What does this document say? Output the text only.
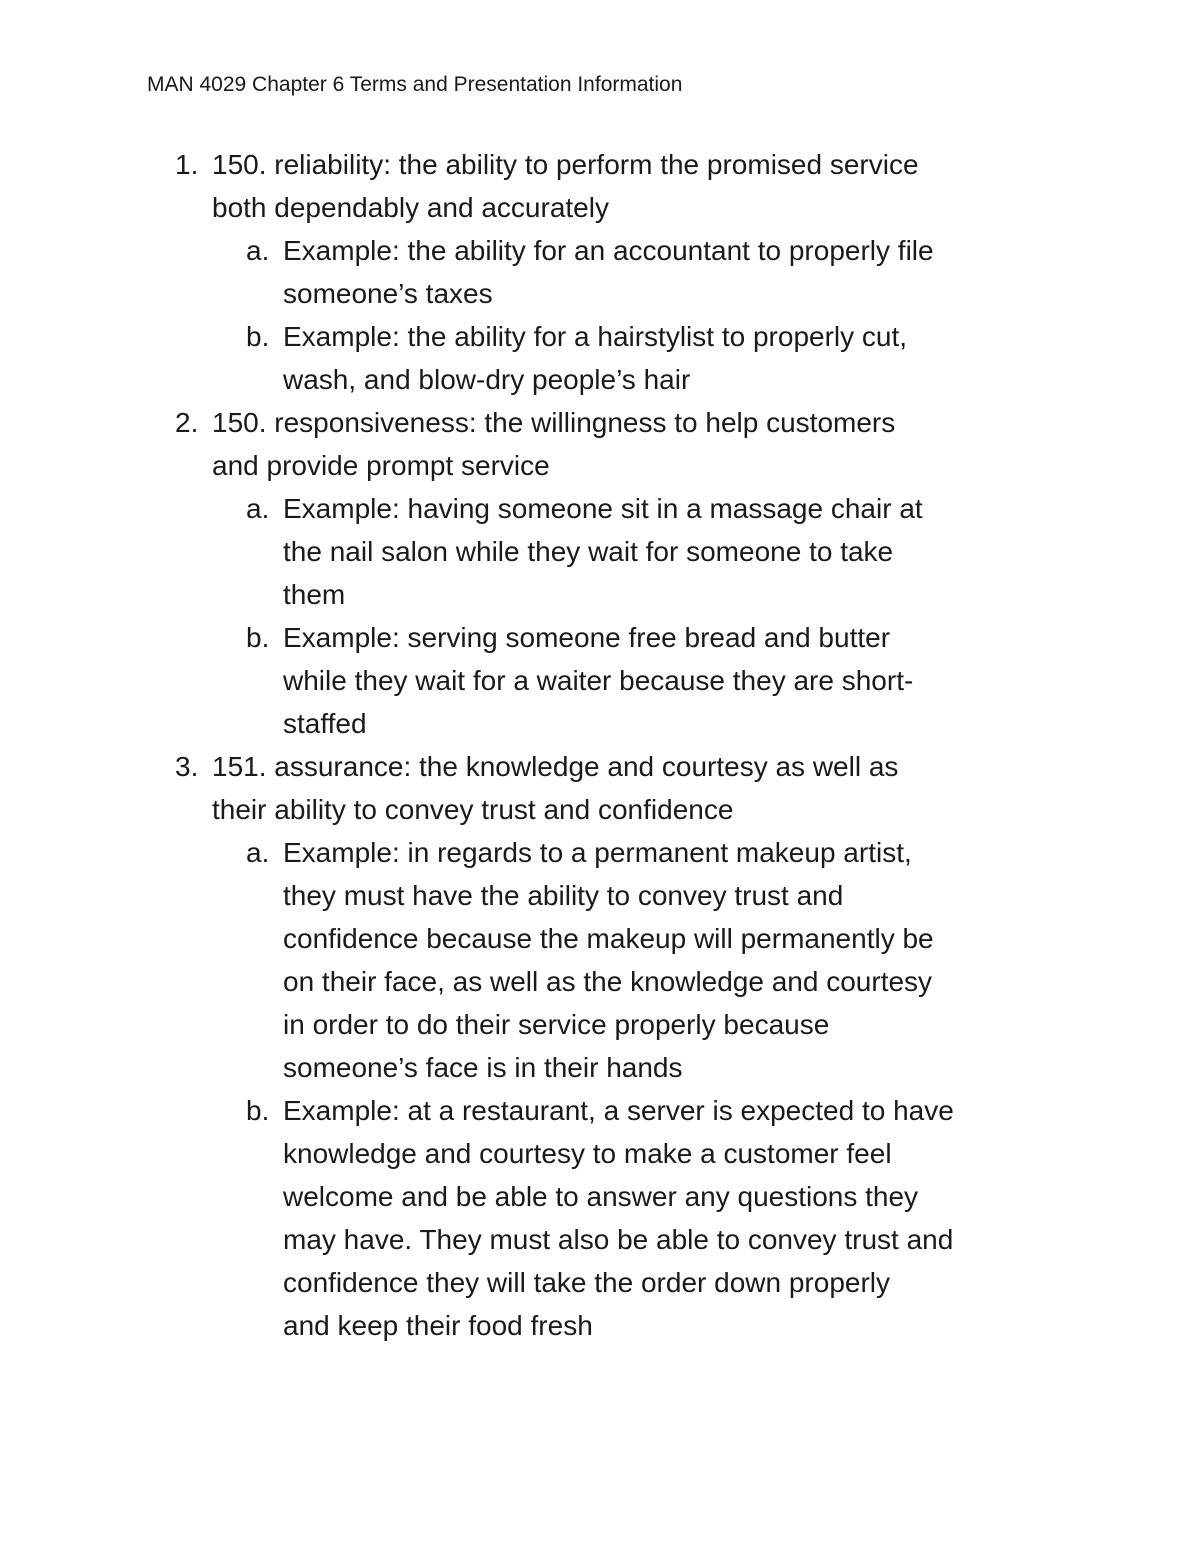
MAN 4029 Chapter 6 Terms and Presentation Information
1. 150. reliability: the ability to perform the promised service
both dependably and accurately
a. Example: the ability for an accountant to properly file
someone’s taxes
b. Example: the ability for a hairstylist to properly cut,
wash, and blow-dry people’s hair
2. 150. responsiveness: the willingness to help customers
and provide prompt service
a. Example: having someone sit in a massage chair at
the nail salon while they wait for someone to take
them
b. Example: serving someone free bread and butter
while they wait for a waiter because they are short-
staffed
3. 151. assurance: the knowledge and courtesy as well as
their ability to convey trust and confidence
a. Example: in regards to a permanent makeup artist,
they must have the ability to convey trust and
confidence because the makeup will permanently be
on their face, as well as the knowledge and courtesy
in order to do their service properly because
someone’s face is in their hands
b. Example: at a restaurant, a server is expected to have
knowledge and courtesy to make a customer feel
welcome and be able to answer any questions they
may have. They must also be able to convey trust and
confidence they will take the order down properly
and keep their food fresh
